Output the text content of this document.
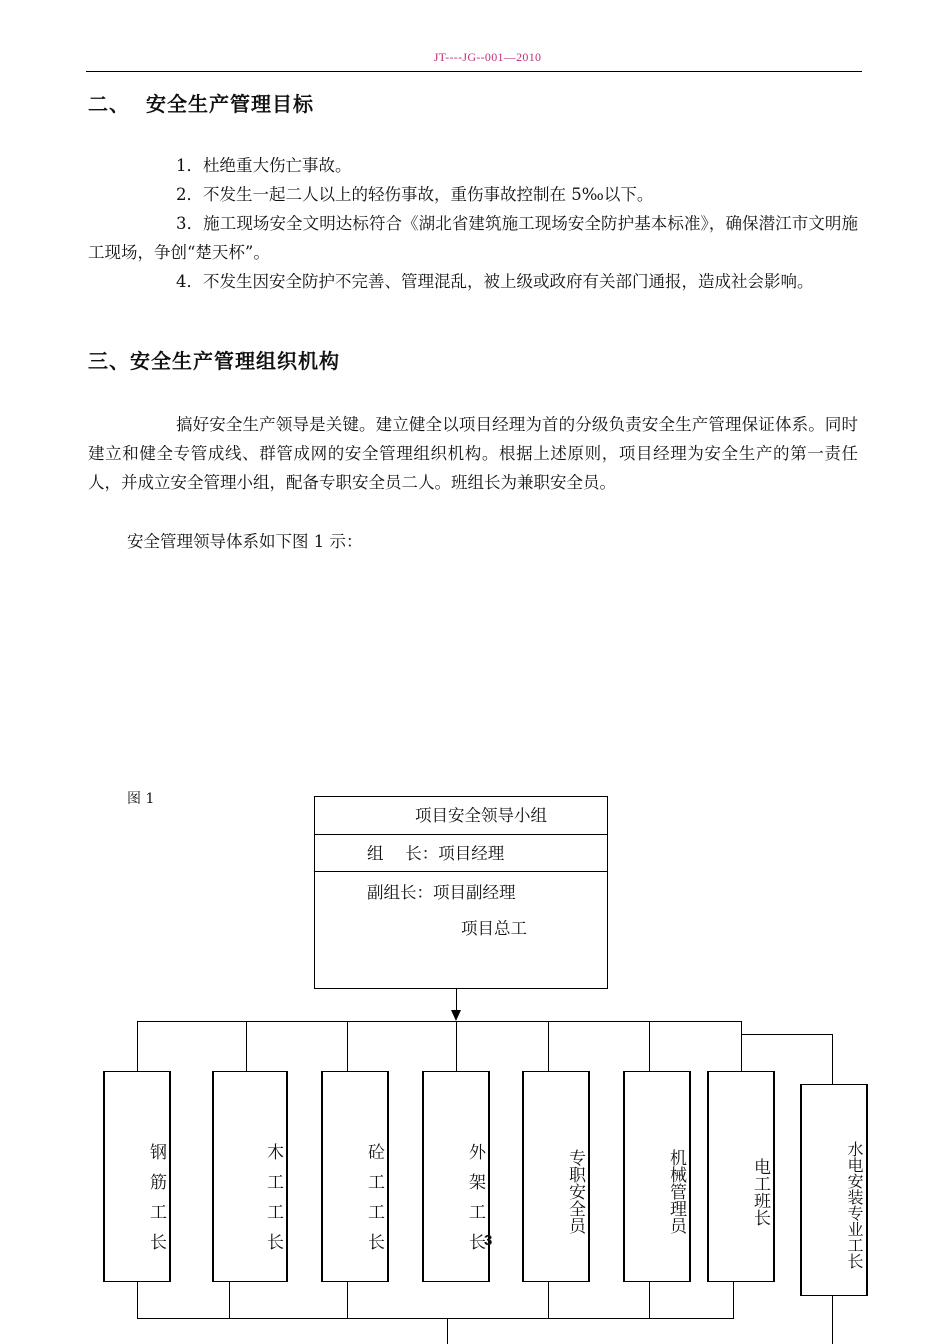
JT----JG--001—2010
二、 安全生产管理目标
1．杜绝重大伤亡事故。
2．不发生一起二人以上的轻伤事故，重伤事故控制在 5‰以下。
3．施工现场安全文明达标符合《湖北省建筑施工现场安全防护基本标准》，确保潜江市文明施工现场，争创“楚天杯”。
4．不发生因安全防护不完善、管理混乱，被上级或政府有关部门通报，造成社会影响。
三、安全生产管理组织机构
搞好安全生产领导是关键。建立健全以项目经理为首的分级负责安全生产管理保证体系。同时建立和健全专管成线、群管成网的安全管理组织机构。根据上述原则，项目经理为安全生产的第一责任人，并成立安全管理小组，配备专职安全员二人。班组长为兼职安全员。
安全管理领导体系如下图 1 示：
图 1
项目安全领导小组
组　 长：项目经理
副组长：项目副经理
项目总工
钢筋工长	木工工长	砼工工长	外架工长	专职安全员	机械管理员	电工班长	水电安装专业工长
3
